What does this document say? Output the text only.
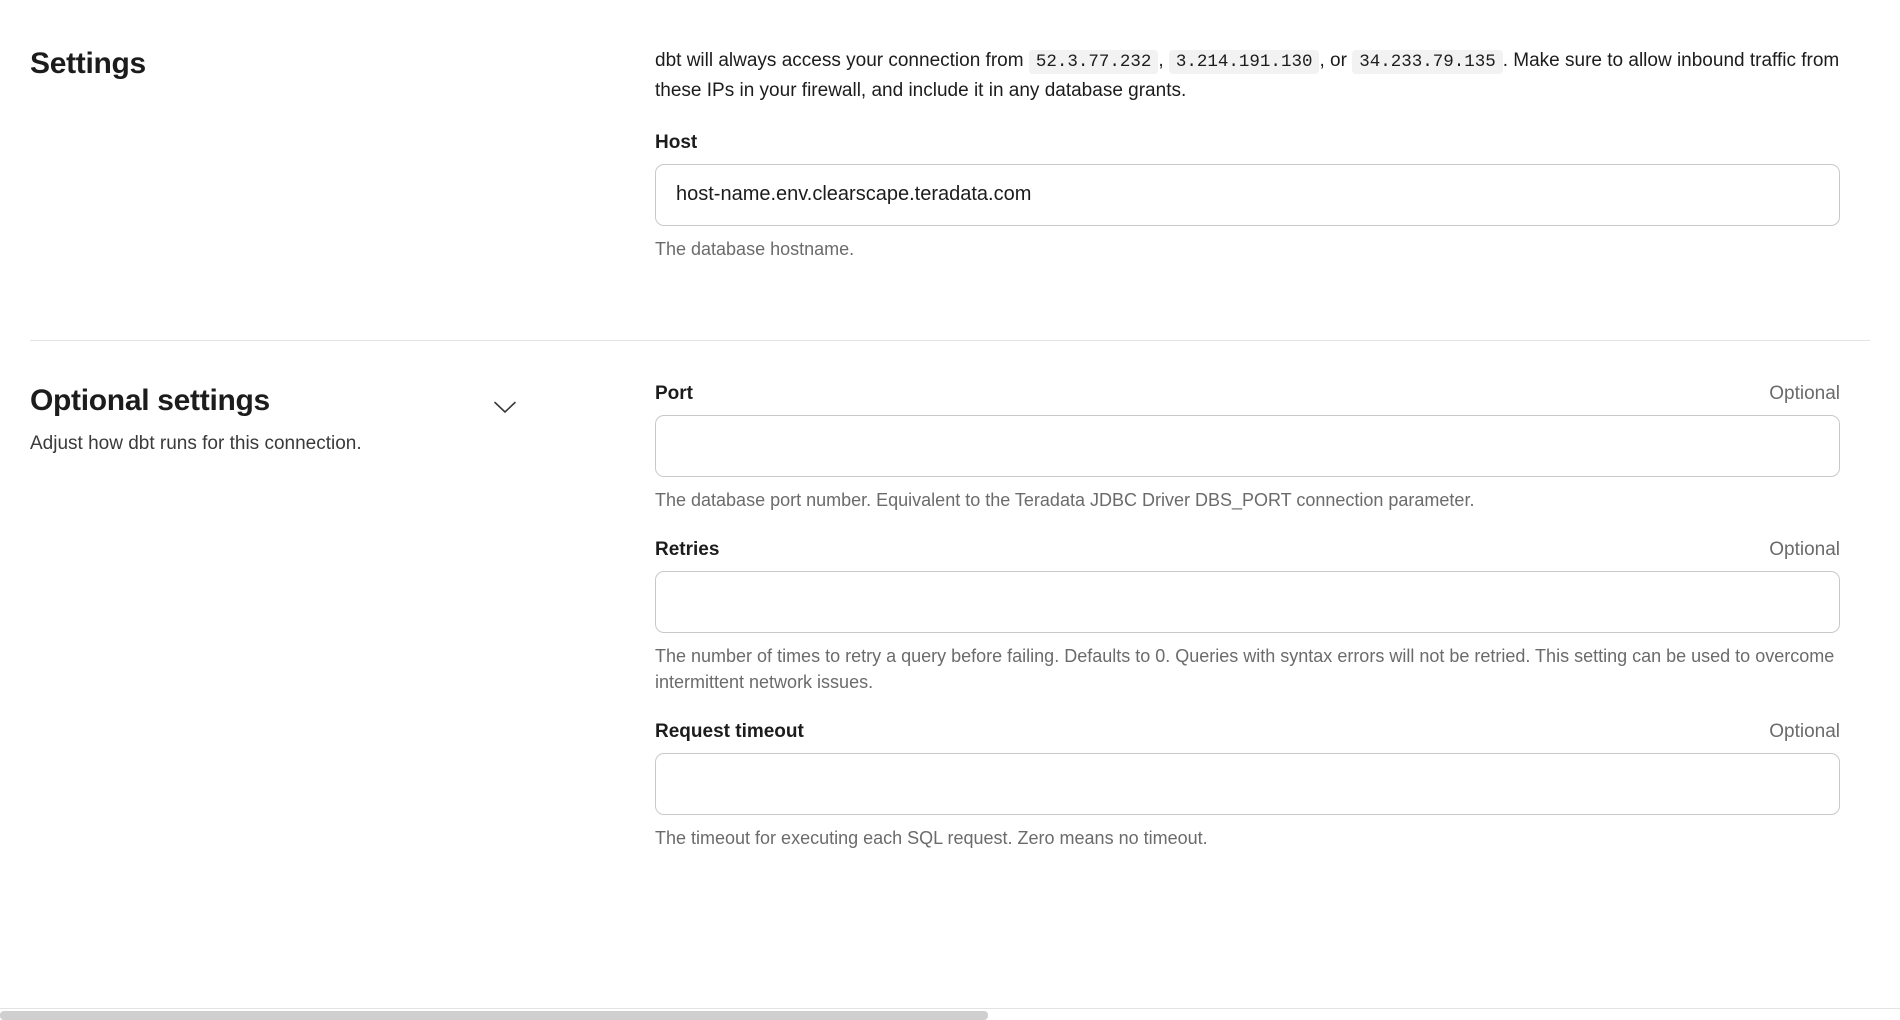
Settings	dbt will always access your connection from 52.3.77.232 , 3.214.191.130 , or 34.233.79.135 . Make sure to allow inbound traffic from these IPs in your firewall, and include it in any database grants.

Host
host-name.env.clearscape.teradata.com
The database hostname.
Optional settings
Adjust how dbt runs for this connection.
Port	Optional
The database port number. Equivalent to the Teradata JDBC Driver DBS_PORT connection parameter.
Retries	Optional
The number of times to retry a query before failing. Defaults to 0. Queries with syntax errors will not be retried. This setting can be used to overcome intermittent network issues.
Request timeout	Optional
The timeout for executing each SQL request. Zero means no timeout.
